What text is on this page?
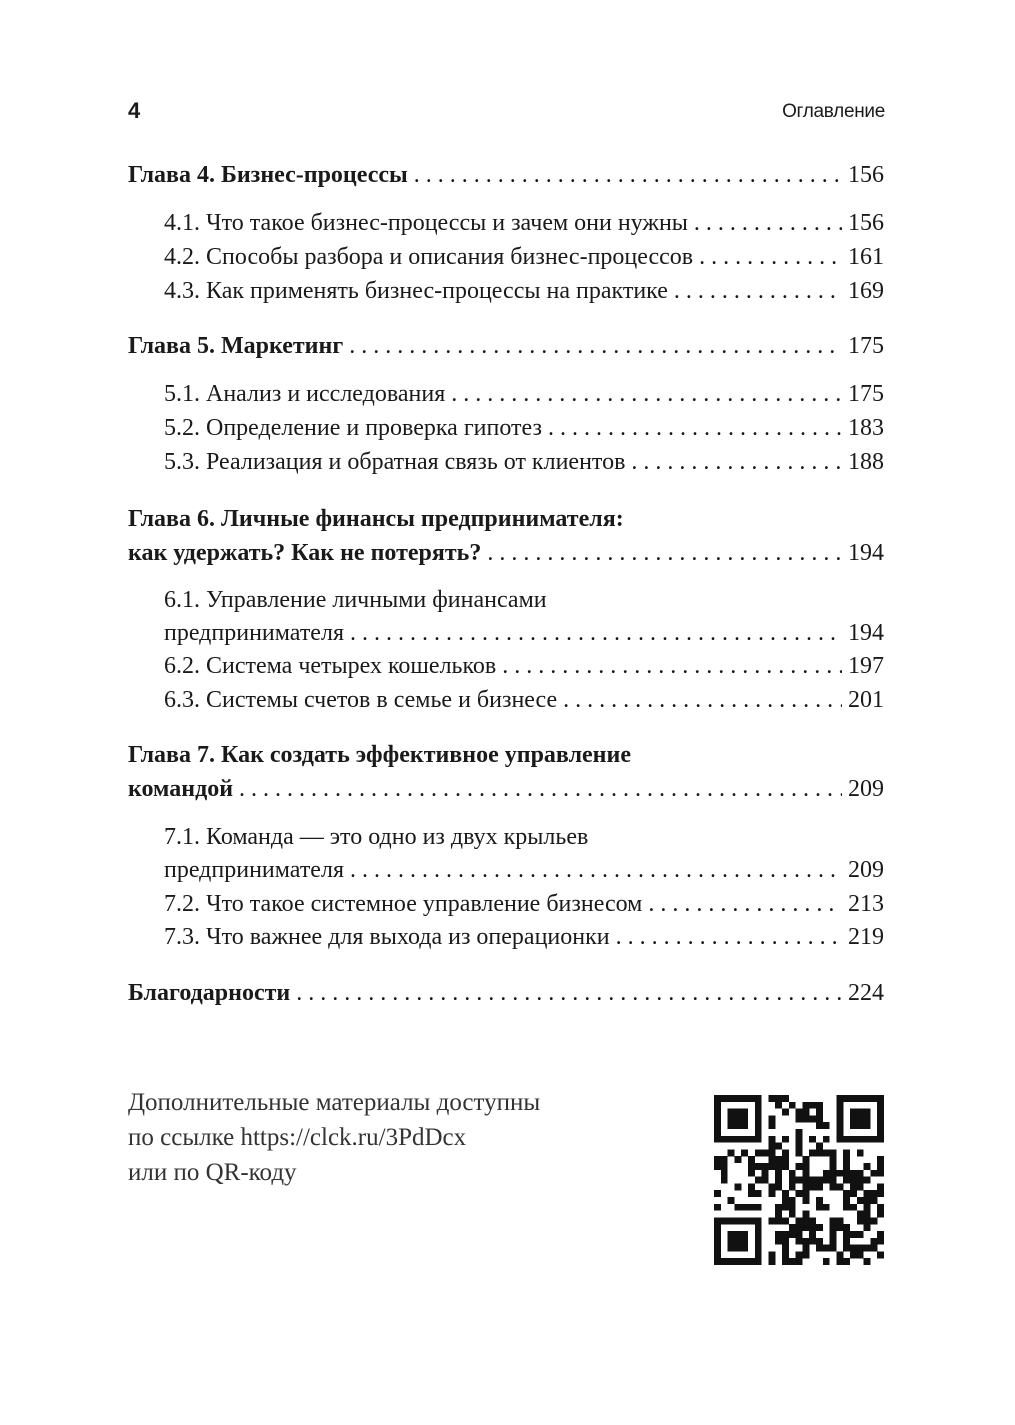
4	Оглавление
Глава 4. Бизнес-процессы . . .	156
4.1. Что такое бизнес-процессы и зачем они нужны . . .	156
4.2. Способы разбора и описания бизнес-процессов . . .	161
4.3. Как применять бизнес-процессы на практике . . .	169
Глава 5. Маркетинг . . .	175
5.1. Анализ и исследования . . .	175
5.2. Определение и проверка гипотез . . .	183
5.3. Реализация и обратная связь от клиентов . . .	188
Глава 6. Личные финансы предпринимателя:
как удержать? Как не потерять? . . .	194
6.1. Управление личными финансами
предпринимателя . . .	194
6.2. Система четырех кошельков . . .	197
6.3. Системы счетов в семье и бизнесе . . .	201
Глава 7. Как создать эффективное управление
командой . . .	209
7.1. Команда — это одно из двух крыльев
предпринимателя . . .	209
7.2. Что такое системное управление бизнесом . . .	213
7.3. Что важнее для выхода из операционки . . .	219
Благодарности . . .	224
Дополнительные материалы доступны
по ссылке https://clck.ru/3PdDcx
или по QR-коду
